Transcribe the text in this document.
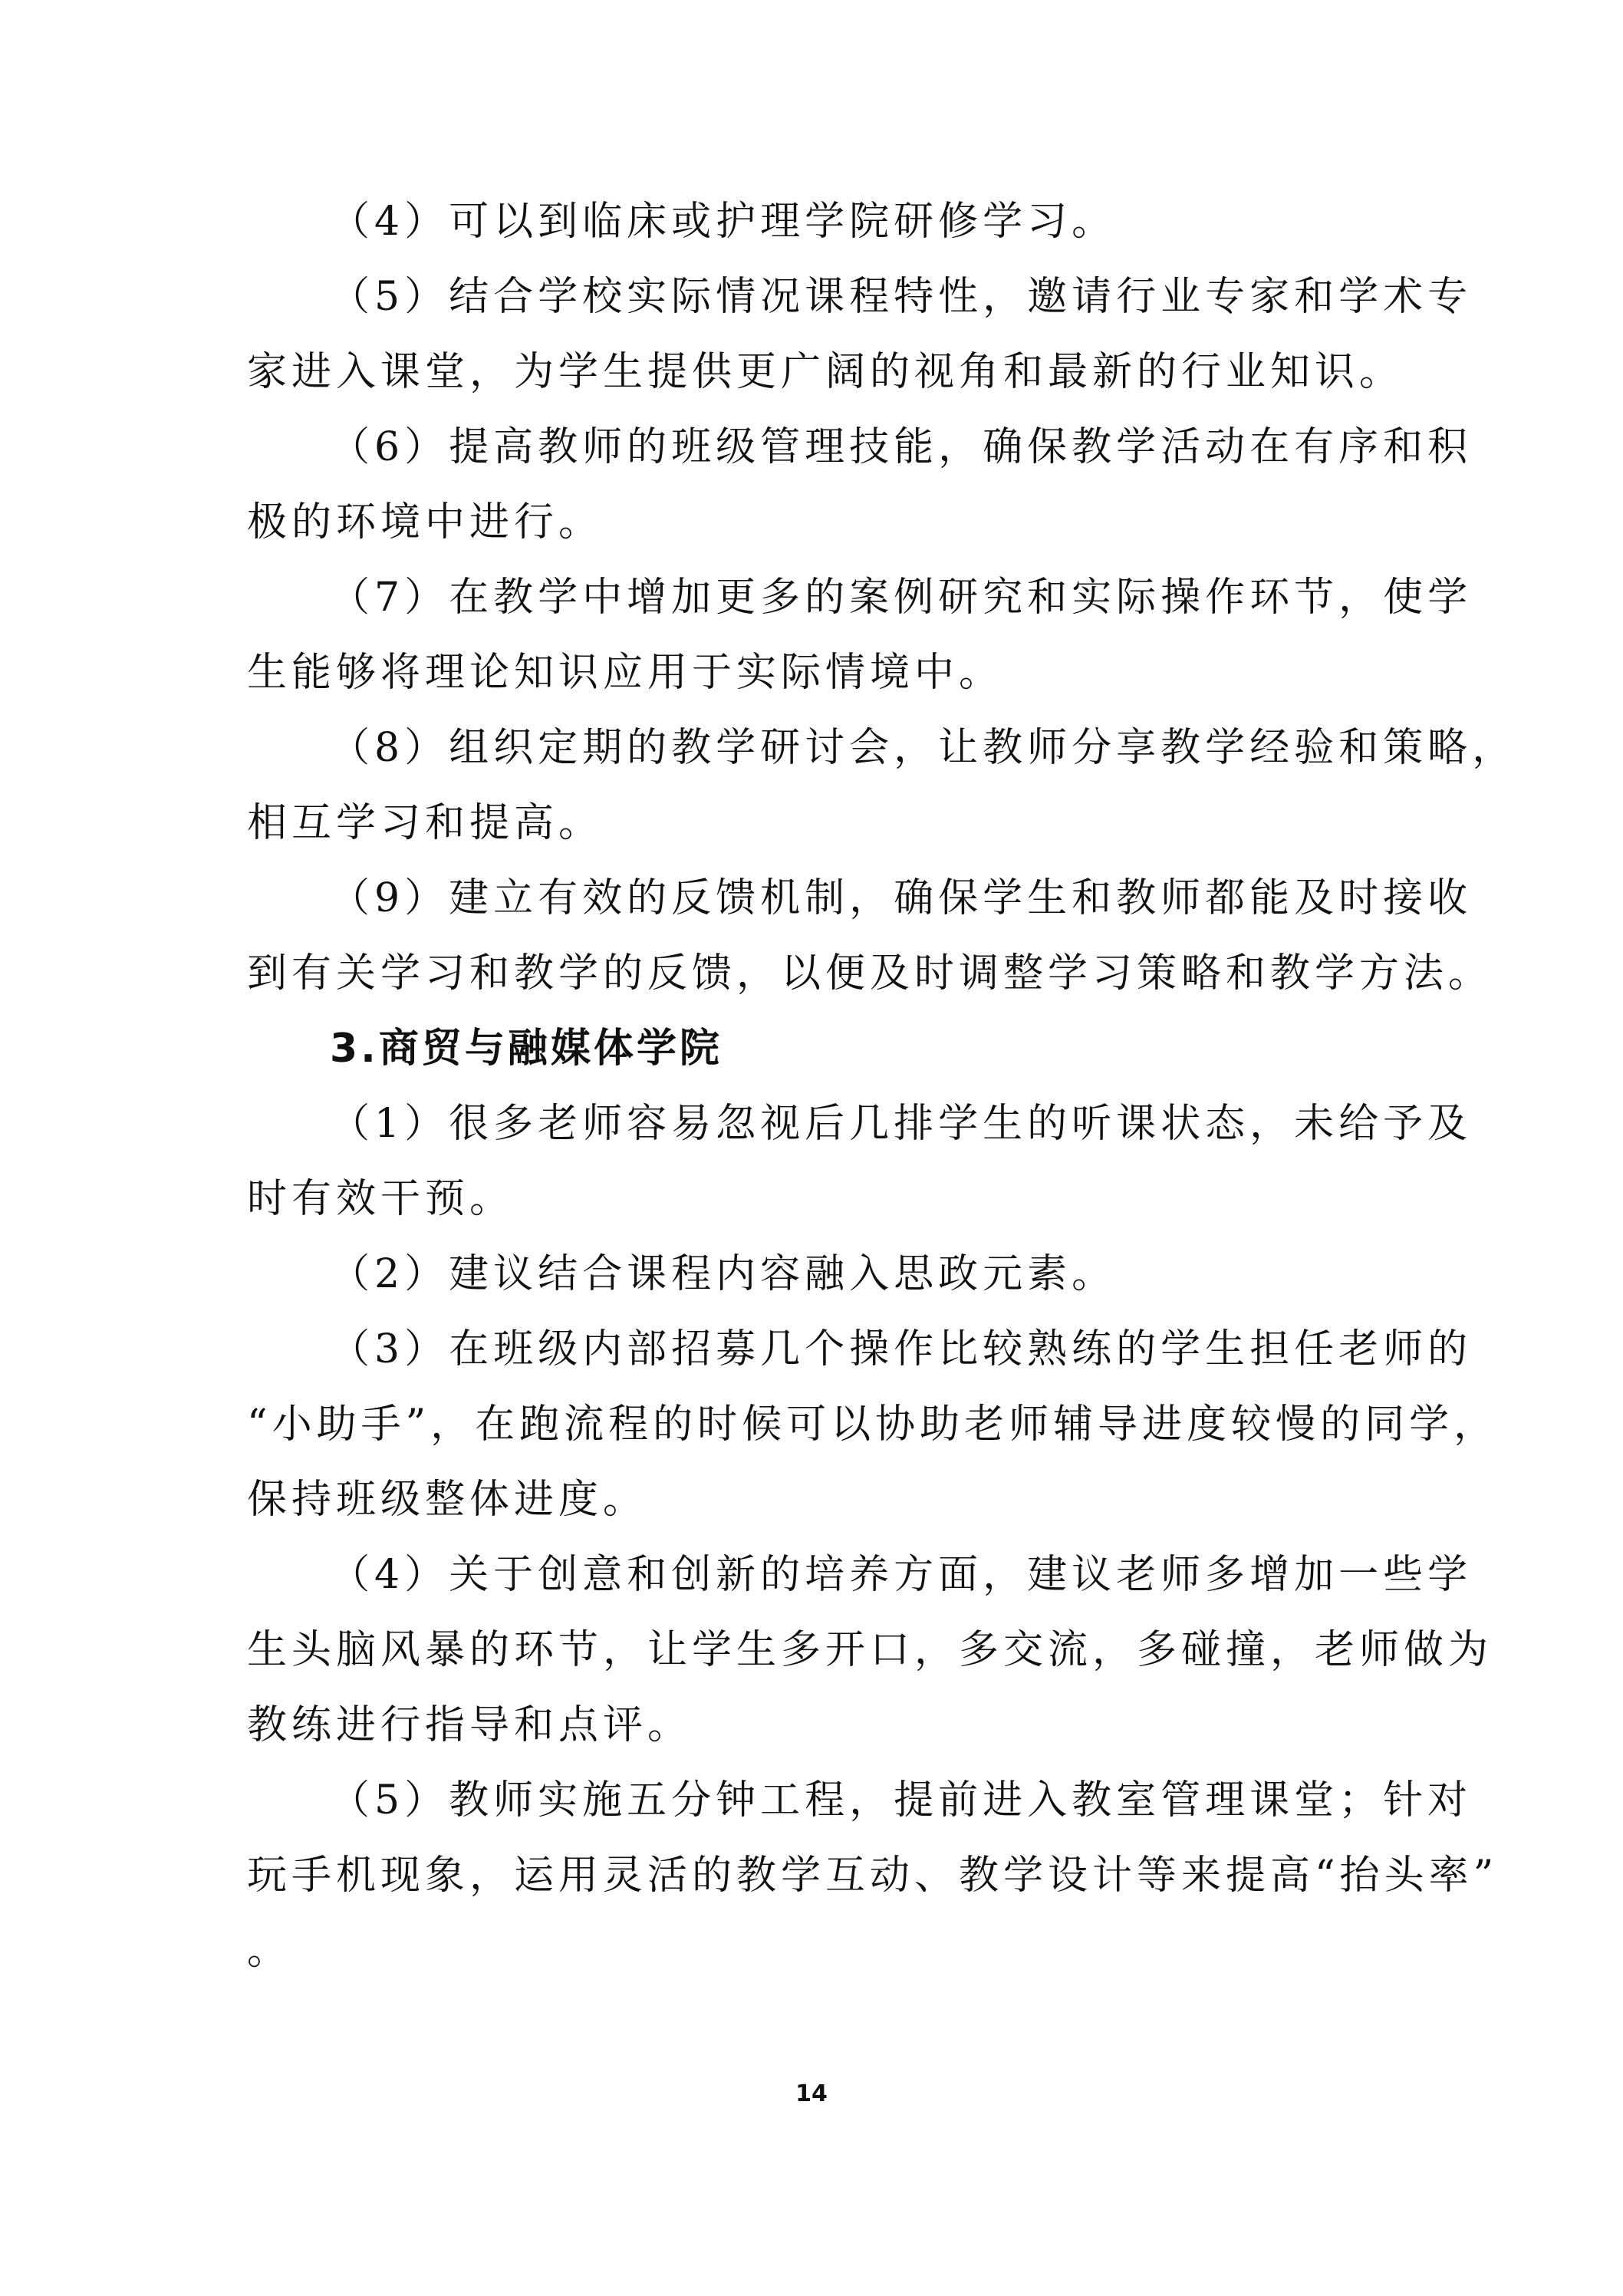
（4）可以到临床或护理学院研修学习。
（5）结合学校实际情况课程特性，邀请行业专家和学术专
家进入课堂，为学生提供更广阔的视角和最新的行业知识。
（6）提高教师的班级管理技能，确保教学活动在有序和积
极的环境中进行。
（7）在教学中增加更多的案例研究和实际操作环节，使学
生能够将理论知识应用于实际情境中。
（8）组织定期的教学研讨会，让教师分享教学经验和策略，
相互学习和提高。
（9）建立有效的反馈机制，确保学生和教师都能及时接收
到有关学习和教学的反馈，以便及时调整学习策略和教学方法。
3.商贸与融媒体学院
（1）很多老师容易忽视后几排学生的听课状态，未给予及
时有效干预。
（2）建议结合课程内容融入思政元素。
（3）在班级内部招募几个操作比较熟练的学生担任老师的
“小助手”，在跑流程的时候可以协助老师辅导进度较慢的同学，
保持班级整体进度。
（4）关于创意和创新的培养方面，建议老师多增加一些学
生头脑风暴的环节，让学生多开口，多交流，多碰撞，老师做为
教练进行指导和点评。
（5）教师实施五分钟工程，提前进入教室管理课堂；针对
玩手机现象，运用灵活的教学互动、教学设计等来提高“抬头率”
。
14
